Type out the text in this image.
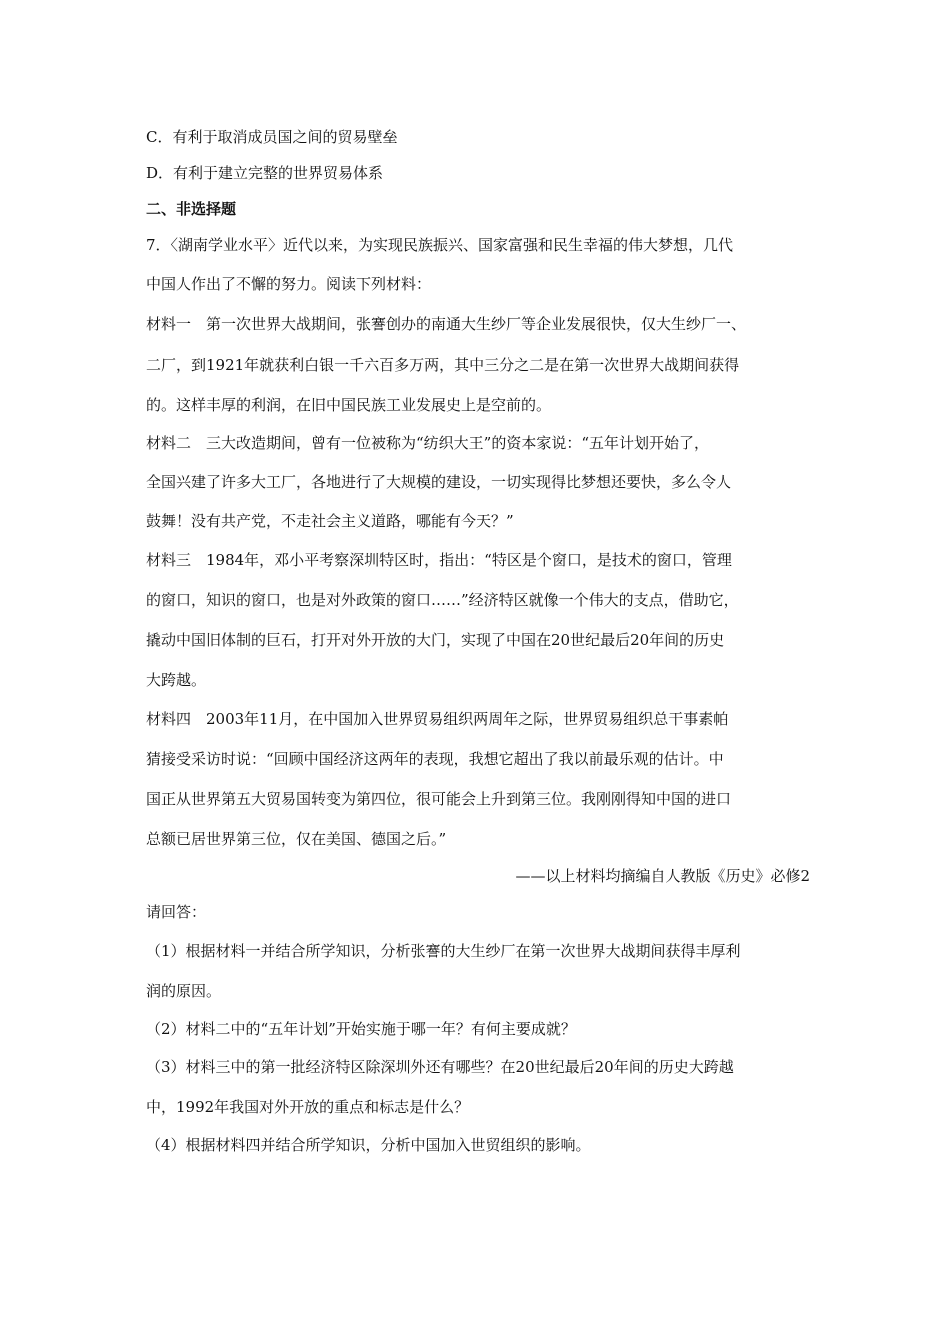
C．有利于取消成员国之间的贸易壁垒
D．有利于建立完整的世界贸易体系
二、非选择题
7．〈湖南学业水平〉近代以来，为实现民族振兴、国家富强和民生幸福的伟大梦想，几代
中国人作出了不懈的努力。阅读下列材料：
材料一　第一次世界大战期间，张謇创办的南通大生纱厂等企业发展很快，仅大生纱厂一、
二厂，到1921年就获利白银一千六百多万两，其中三分之二是在第一次世界大战期间获得
的。这样丰厚的利润，在旧中国民族工业发展史上是空前的。
材料二　三大改造期间，曾有一位被称为“纺织大王”的资本家说：“五年计划开始了，
全国兴建了许多大工厂，各地进行了大规模的建设，一切实现得比梦想还要快，多么令人
鼓舞！没有共产党，不走社会主义道路，哪能有今天？”
材料三　1984年，邓小平考察深圳特区时，指出：“特区是个窗口，是技术的窗口，管理
的窗口，知识的窗口，也是对外政策的窗口……”经济特区就像一个伟大的支点，借助它，
撬动中国旧体制的巨石，打开对外开放的大门，实现了中国在20世纪最后20年间的历史
大跨越。
材料四　2003年11月，在中国加入世界贸易组织两周年之际，世界贸易组织总干事素帕
猜接受采访时说：“回顾中国经济这两年的表现，我想它超出了我以前最乐观的估计。中
国正从世界第五大贸易国转变为第四位，很可能会上升到第三位。我刚刚得知中国的进口
总额已居世界第三位，仅在美国、德国之后。”
——以上材料均摘编自人教版《历史》必修2
请回答：
（1）根据材料一并结合所学知识，分析张謇的大生纱厂在第一次世界大战期间获得丰厚利
润的原因。
（2）材料二中的“五年计划”开始实施于哪一年？有何主要成就？
（3）材料三中的第一批经济特区除深圳外还有哪些？在20世纪最后20年间的历史大跨越
中，1992年我国对外开放的重点和标志是什么？
（4）根据材料四并结合所学知识，分析中国加入世贸组织的影响。
